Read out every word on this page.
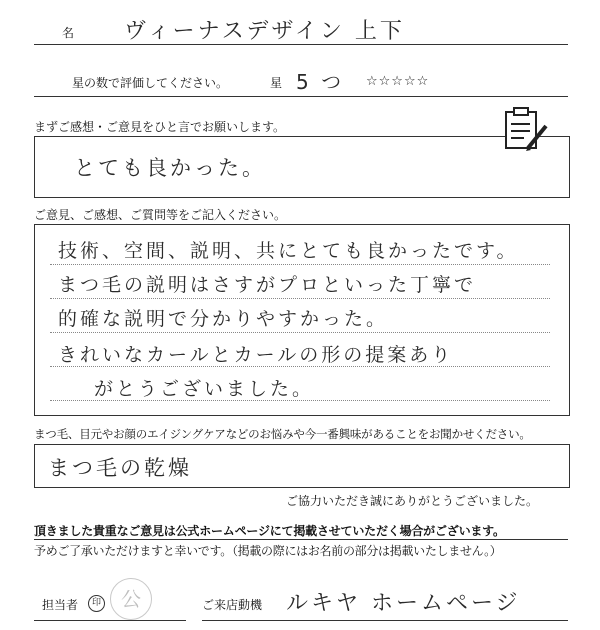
名 ヴィーナスデザイン 上下
星の数で評価してください。	星 5 つ ☆☆☆☆☆
まずご感想・ご意見をひと言でお願いします。
とても良かった。
ご意見、ご感想、ご質問等をご記入ください。
技術、空間、説明、共にとても良かったです。
まつ毛の説明はさすがプロといった丁寧で
的確な説明で分かりやすかった。
きれいなカールとカールの形の提案あり
がとうございました。
まつ毛、目元やお顔のエイジングケアなどのお悩みや今一番興味があることをお聞かせください。
まつ毛の乾燥
ご協力いただき誠にありがとうございました。
頂きました貴重なご意見は公式ホームページにて掲載させていただく場合がございます。
予めご了承いただけますと幸いです。（掲載の際にはお名前の部分は掲載いたしません。）
担当者	印	公	ご来店動機 ルキヤ ホームページ
